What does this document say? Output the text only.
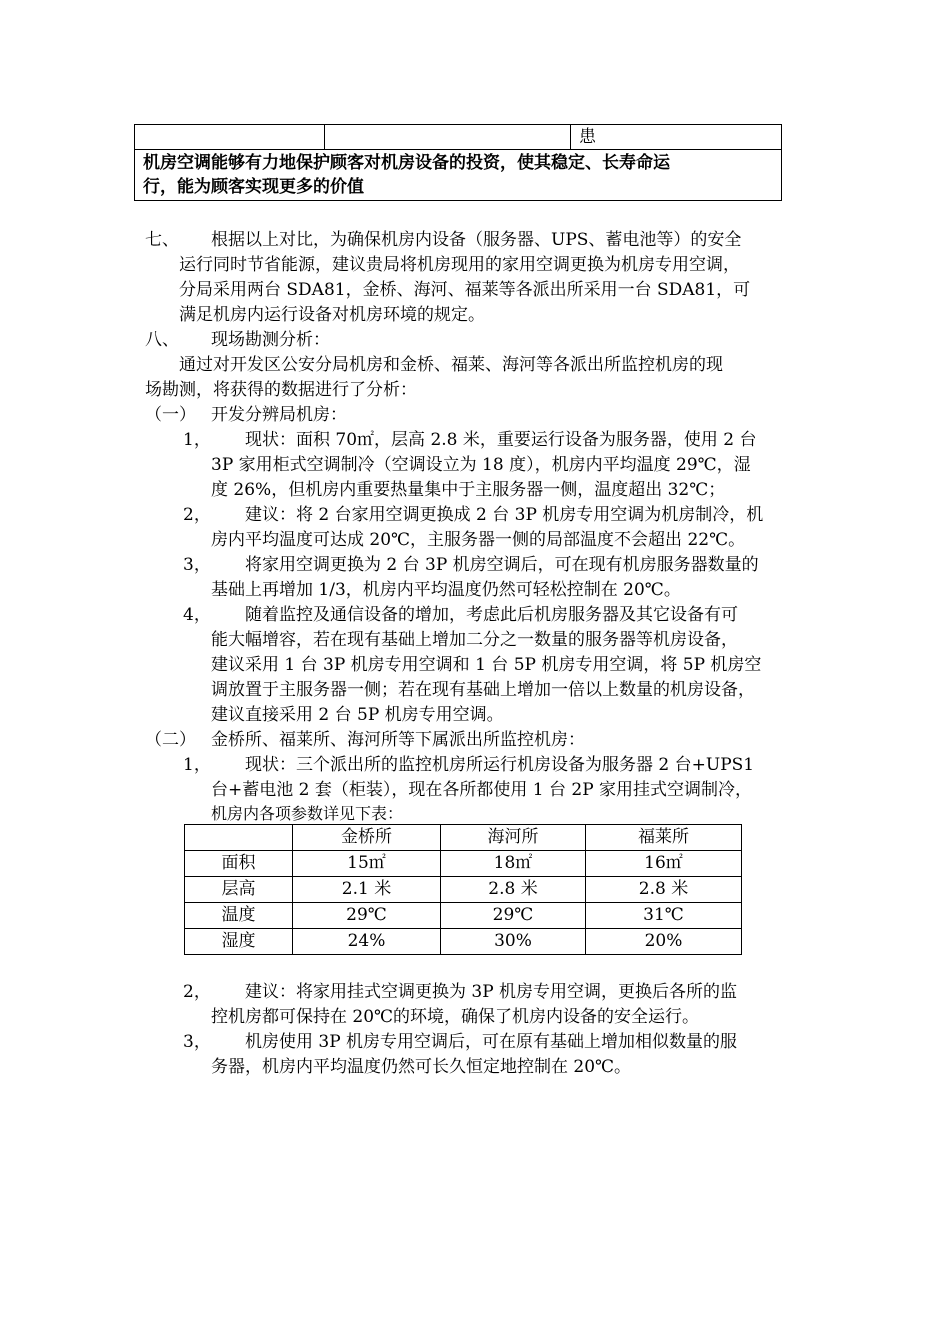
患
机房空调能够有力地保护顾客对机房设备的投资，使其稳定、长寿命运
行，能为顾客实现更多的价值
七、 根据以上对比，为确保机房内设备（服务器、UPS、蓄电池等）的安全
运行同时节省能源，建议贵局将机房现用的家用空调更换为机房专用空调，
分局采用两台 SDA81，金桥、海河、福莱等各派出所采用一台 SDA81，可
满足机房内运行设备对机房环境的规定。
八、 现场勘测分析：
通过对开发区公安分局机房和金桥、福莱、海河等各派出所监控机房的现
场勘测，将获得的数据进行了分析：
（一） 开发分辨局机房：
1， 现状：面积 70㎡，层高 2.8 米，重要运行设备为服务器，使用 2 台
3P 家用柜式空调制冷（空调设立为 18 度），机房内平均温度 29℃，湿
度 26%，但机房内重要热量集中于主服务器一侧，温度超出 32℃；
2， 建议：将 2 台家用空调更换成 2 台 3P 机房专用空调为机房制冷，机
房内平均温度可达成 20℃，主服务器一侧的局部温度不会超出 22℃。
3， 将家用空调更换为 2 台 3P 机房空调后，可在现有机房服务器数量的
基础上再增加 1/3，机房内平均温度仍然可轻松控制在 20℃。
4， 随着监控及通信设备的增加，考虑此后机房服务器及其它设备有可
能大幅增容，若在现有基础上增加二分之一数量的服务器等机房设备，
建议采用 1 台 3P 机房专用空调和 1 台 5P 机房专用空调，将 5P 机房空
调放置于主服务器一侧；若在现有基础上增加一倍以上数量的机房设备，
建议直接采用 2 台 5P 机房专用空调。
（二） 金桥所、福莱所、海河所等下属派出所监控机房：
1， 现状：三个派出所的监控机房所运行机房设备为服务器 2 台+UPS1
台+蓄电池 2 套（柜装），现在各所都使用 1 台 2P 家用挂式空调制冷，
机房内各项参数详见下表：
	金桥所	海河所	福莱所
面积	15㎡	18㎡	16㎡
层高	2.1 米	2.8 米	2.8 米
温度	29℃	29℃	31℃
湿度	24%	30%	20%
2， 建议：将家用挂式空调更换为 3P 机房专用空调，更换后各所的监
控机房都可保持在 20℃的环境，确保了机房内设备的安全运行。
3， 机房使用 3P 机房专用空调后，可在原有基础上增加相似数量的服
务器，机房内平均温度仍然可长久恒定地控制在 20℃。
